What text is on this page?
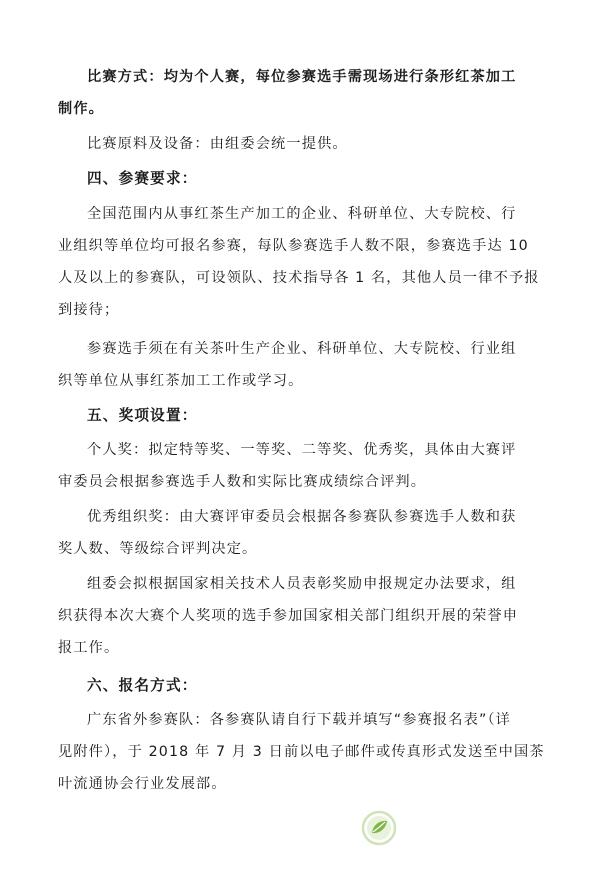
比赛方式：均为个人赛，每位参赛选手需现场进行条形红茶加工
制作。

比赛原料及设备：由组委会统一提供。

四、参赛要求：

全国范围内从事红茶生产加工的企业、科研单位、大专院校、行
业组织等单位均可报名参赛，每队参赛选手人数不限，参赛选手达 10
人及以上的参赛队，可设领队、技术指导各 1 名，其他人员一律不予报
到接待；

参赛选手须在有关茶叶生产企业、科研单位、大专院校、行业组
织等单位从事红茶加工工作或学习。

五、奖项设置：

个人奖：拟定特等奖、一等奖、二等奖、优秀奖，具体由大赛评
审委员会根据参赛选手人数和实际比赛成绩综合评判。

优秀组织奖：由大赛评审委员会根据各参赛队参赛选手人数和获
奖人数、等级综合评判决定。

组委会拟根据国家相关技术人员表彰奖励申报规定办法要求，组
织获得本次大赛个人奖项的选手参加国家相关部门组织开展的荣誉申
报工作。

六、报名方式：

广东省外参赛队：各参赛队请自行下载并填写“参赛报名表”（详
见附件），于 2018 年 7 月 3 日前以电子邮件或传真形式发送至中国茶
叶流通协会行业发展部。
